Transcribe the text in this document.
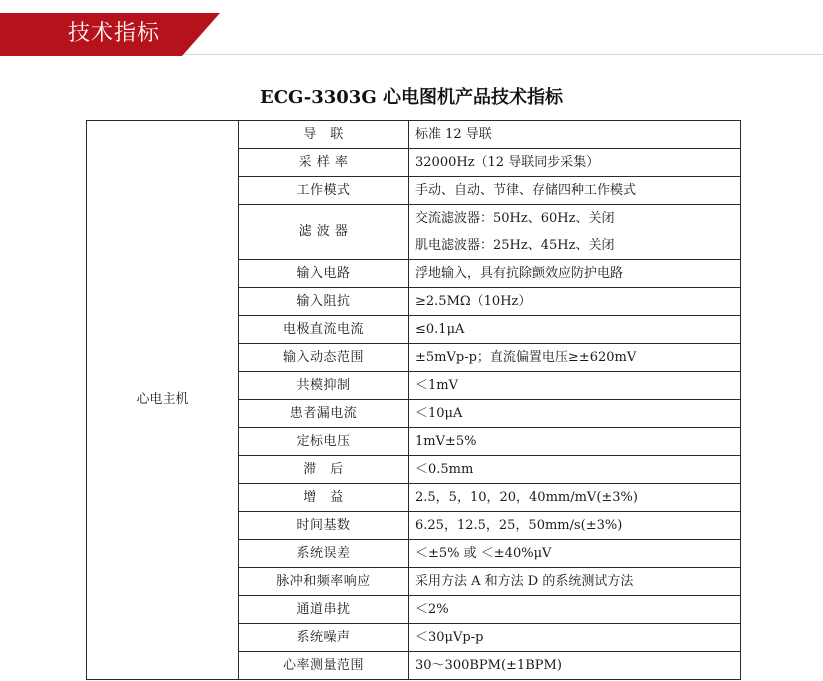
技术指标
ECG-3303G 心电图机产品技术指标
心电主机	导　联	标准 12 导联

	采 样 率	32000Hz（12 导联同步采集）

	工作模式	手动、自动、节律、存储四种工作模式

	滤 波 器	交流滤波器：50Hz、60Hz、关闭
肌电滤波器：25Hz、45Hz、关闭

	输入电路	浮地输入，具有抗除颤效应防护电路

	输入阻抗	≥2.5MΩ（10Hz）

	电极直流电流	≤0.1μA

	输入动态范围	±5mVp-p；直流偏置电压≥±620mV

	共模抑制	＜1mV

	患者漏电流	＜10μA

	定标电压	1mV±5%

	滞　后	＜0.5mm

	增　益	2.5，5，10，20，40mm/mV(±3%)

	时间基数	6.25，12.5，25，50mm/s(±3%)

	系统误差	＜±5% 或 ＜±40%μV

	脉冲和频率响应	采用方法 A 和方法 D 的系统测试方法

	通道串扰	＜2%

	系统噪声	＜30μVp-p

	心率测量范围	30～300BPM(±1BPM)
